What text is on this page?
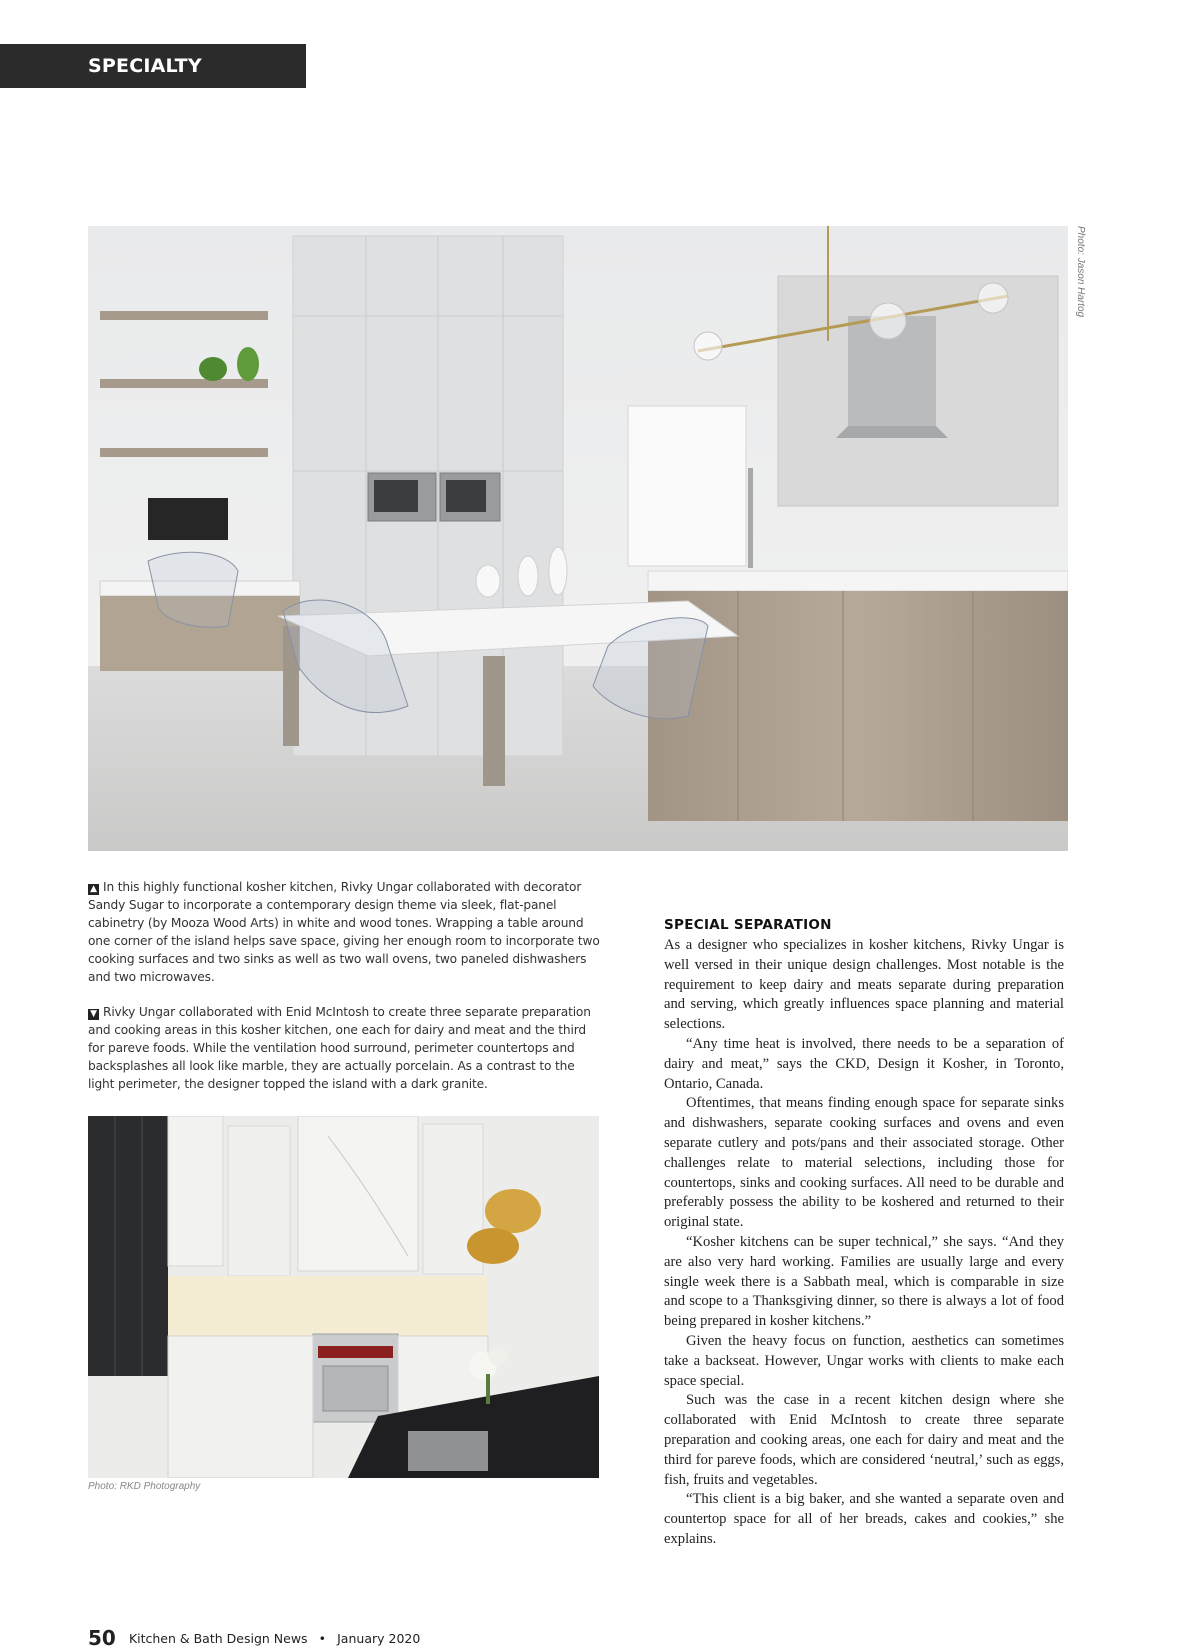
SPECIALTY KITCHENS
Photo: Jason Hartog
▲ In this highly functional kosher kitchen, Rivky Ungar collaborated with decorator Sandy Sugar to incorporate a contemporary design theme via sleek, flat-panel cabinetry (by Mooza Wood Arts) in white and wood tones. Wrapping a table around one corner of the island helps save space, giving her enough room to incorporate two cooking surfaces and two sinks as well as two wall ovens, two paneled dishwashers and two microwaves.
▼ Rivky Ungar collaborated with Enid McIntosh to create three separate preparation and cooking areas in this kosher kitchen, one each for dairy and meat and the third for pareve foods. While the ventilation hood surround, perimeter countertops and backsplashes all look like marble, they are actually porcelain. As a contrast to the light perimeter, the designer topped the island with a dark granite.
Photo: RKD Photography
SPECIAL SEPARATION

As a designer who specializes in kosher kitchens, Rivky Ungar is well versed in their unique design challenges. Most notable is the requirement to keep dairy and meats separate during preparation and serving, which greatly influences space planning and material selections.

“Any time heat is involved, there needs to be a separation of dairy and meat,” says the CKD, Design it Kosher, in Toronto, Ontario, Canada.

Oftentimes, that means finding enough space for separate sinks and dishwashers, separate cooking surfaces and ovens and even separate cutlery and pots/pans and their associated storage. Other challenges relate to material selections, including those for countertops, sinks and cooking surfaces. All need to be durable and preferably possess the ability to be koshered and returned to their original state.

“Kosher kitchens can be super technical,” she says. “And they are also very hard working. Families are usually large and every single week there is a Sabbath meal, which is comparable in size and scope to a Thanksgiving dinner, so there is always a lot of food being prepared in kosher kitchens.”

Given the heavy focus on function, aesthetics can sometimes take a backseat. However, Ungar works with clients to make each space special.

Such was the case in a recent kitchen design where she collaborated with Enid McIntosh to create three separate preparation and cooking areas, one each for dairy and meat and the third for pareve foods, which are considered ‘neutral,’ such as eggs, fish, fruits and vegetables.

“This client is a big baker, and she wanted a separate oven and countertop space for all of her breads, cakes and cookies,” she explains.

50 Kitchen & Bath Design News • January 2020
